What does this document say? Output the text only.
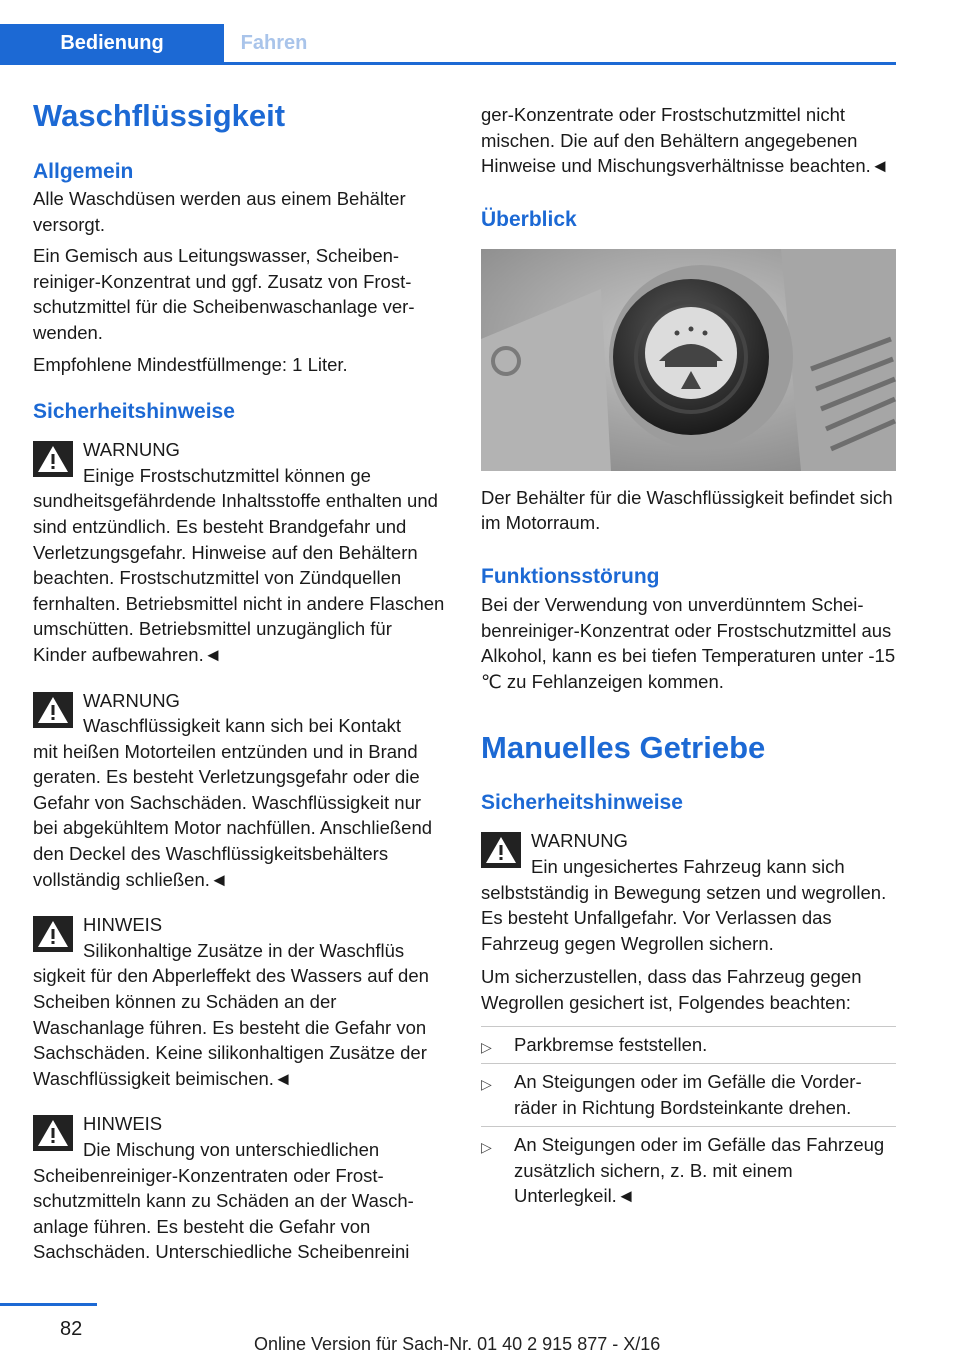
Bedienung	Fahren
Waschflüssigkeit
Allgemein

Alle Waschdüsen werden aus einem Behälter versorgt.

Ein Gemisch aus Leitungswasser, Scheibenreiniger-Konzentrat und ggf. Zusatz von Frostschutzmittel für die Scheibenwaschanlage verwenden.

Empfohlene Mindestfüllmenge: 1 Liter.

Sicherheitshinweise
WARNUNG

Einige Frostschutzmittel können ge

sundheitsgefährdende Inhaltsstoffe enthalten und sind entzündlich. Es besteht Brandgefahr und Verletzungsgefahr. Hinweise auf den Behältern beachten. Frostschutzmittel von Zündquellen fernhalten. Betriebsmittel nicht in andere Flaschen umschütten. Betriebsmittel unzugänglich für Kinder aufbewahren.◄

WARNUNG

Waschflüssigkeit kann sich bei Kontakt

mit heißen Motorteilen entzünden und in Brand geraten. Es besteht Verletzungsgefahr oder die Gefahr von Sachschäden. Waschflüssigkeit nur bei abgekühltem Motor nachfüllen. Anschließend den Deckel des Waschflüssigkeitsbehälters vollständig schließen.◄

HINWEIS

Silikonhaltige Zusätze in der Waschflüs

sigkeit für den Abperleffekt des Wassers auf den Scheiben können zu Schäden an der Waschanlage führen. Es besteht die Gefahr von Sachschäden. Keine silikonhaltigen Zusätze der Waschflüssigkeit beimischen.◄

HINWEIS

Die Mischung von unterschiedlichen

Scheibenreiniger-Konzentraten oder Frostschutzmitteln kann zu Schäden an der Waschanlage führen. Es besteht die Gefahr von Sachschäden. Unterschiedliche Scheibenreini

ger-Konzentrate oder Frostschutzmittel nicht mischen. Die auf den Behältern angegebenen Hinweise und Mischungsverhältnisse beachten.◄

Überblick

Der Behälter für die Waschflüssigkeit befindet sich im Motorraum.

Funktionsstörung

Bei der Verwendung von unverdünntem Scheibenreiniger-Konzentrat oder Frostschutzmittel aus Alkohol, kann es bei tiefen Temperaturen unter -15 ℃ zu Fehlanzeigen kommen.

Manuelles Getriebe
Sicherheitshinweise
WARNUNG

Ein ungesichertes Fahrzeug kann sich

selbstständig in Bewegung setzen und wegrollen. Es besteht Unfallgefahr. Vor Verlassen das Fahrzeug gegen Wegrollen sichern.

Um sicherzustellen, dass das Fahrzeug gegen Wegrollen gesichert ist, Folgendes beachten:

▷ Parkbremse feststellen.
▷ An Steigungen oder im Gefälle die Vorderräder in Richtung Bordsteinkante drehen.
▷ An Steigungen oder im Gefälle das Fahrzeug zusätzlich sichern, z. B. mit einem Unterlegkeil.◄
82
Online Version für Sach-Nr. 01 40 2 915 877 - X/16
